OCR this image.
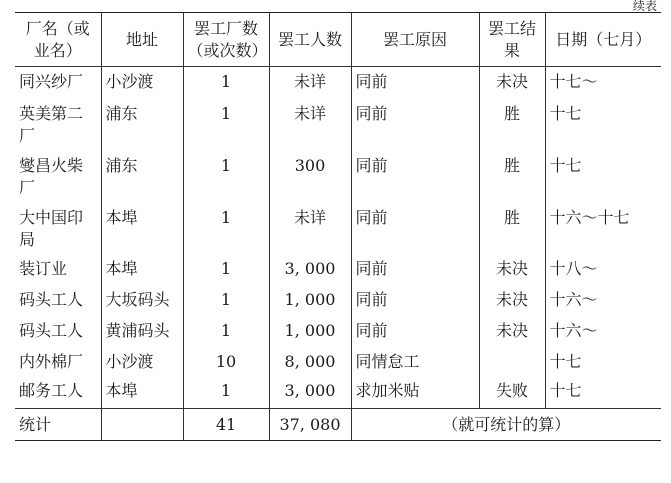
续表
厂名（或业名）	地址	罢工厂数（或次数）	罢工人数	罢工原因	罢工结果	日期（七月）
同兴纱厂	小沙渡	1	未详	同前	未决	十七～
英美第二厂	浦东	1	未详	同前	胜	十七
燮昌火柴厂	浦东	1	300	同前	胜	十七
大中国印局	本埠	1	未详	同前	胜	十六～十七
装订业	本埠	1	3, 000	同前	未决	十八～
码头工人	大坂码头	1	1, 000	同前	未决	十六～
码头工人	黄浦码头	1	1, 000	同前	未决	十六～
内外棉厂	小沙渡	10	8, 000	同情怠工		十七
邮务工人	本埠	1	3, 000	求加米贴	失败	十七
统计		41	37, 080	（就可统计的算）		
